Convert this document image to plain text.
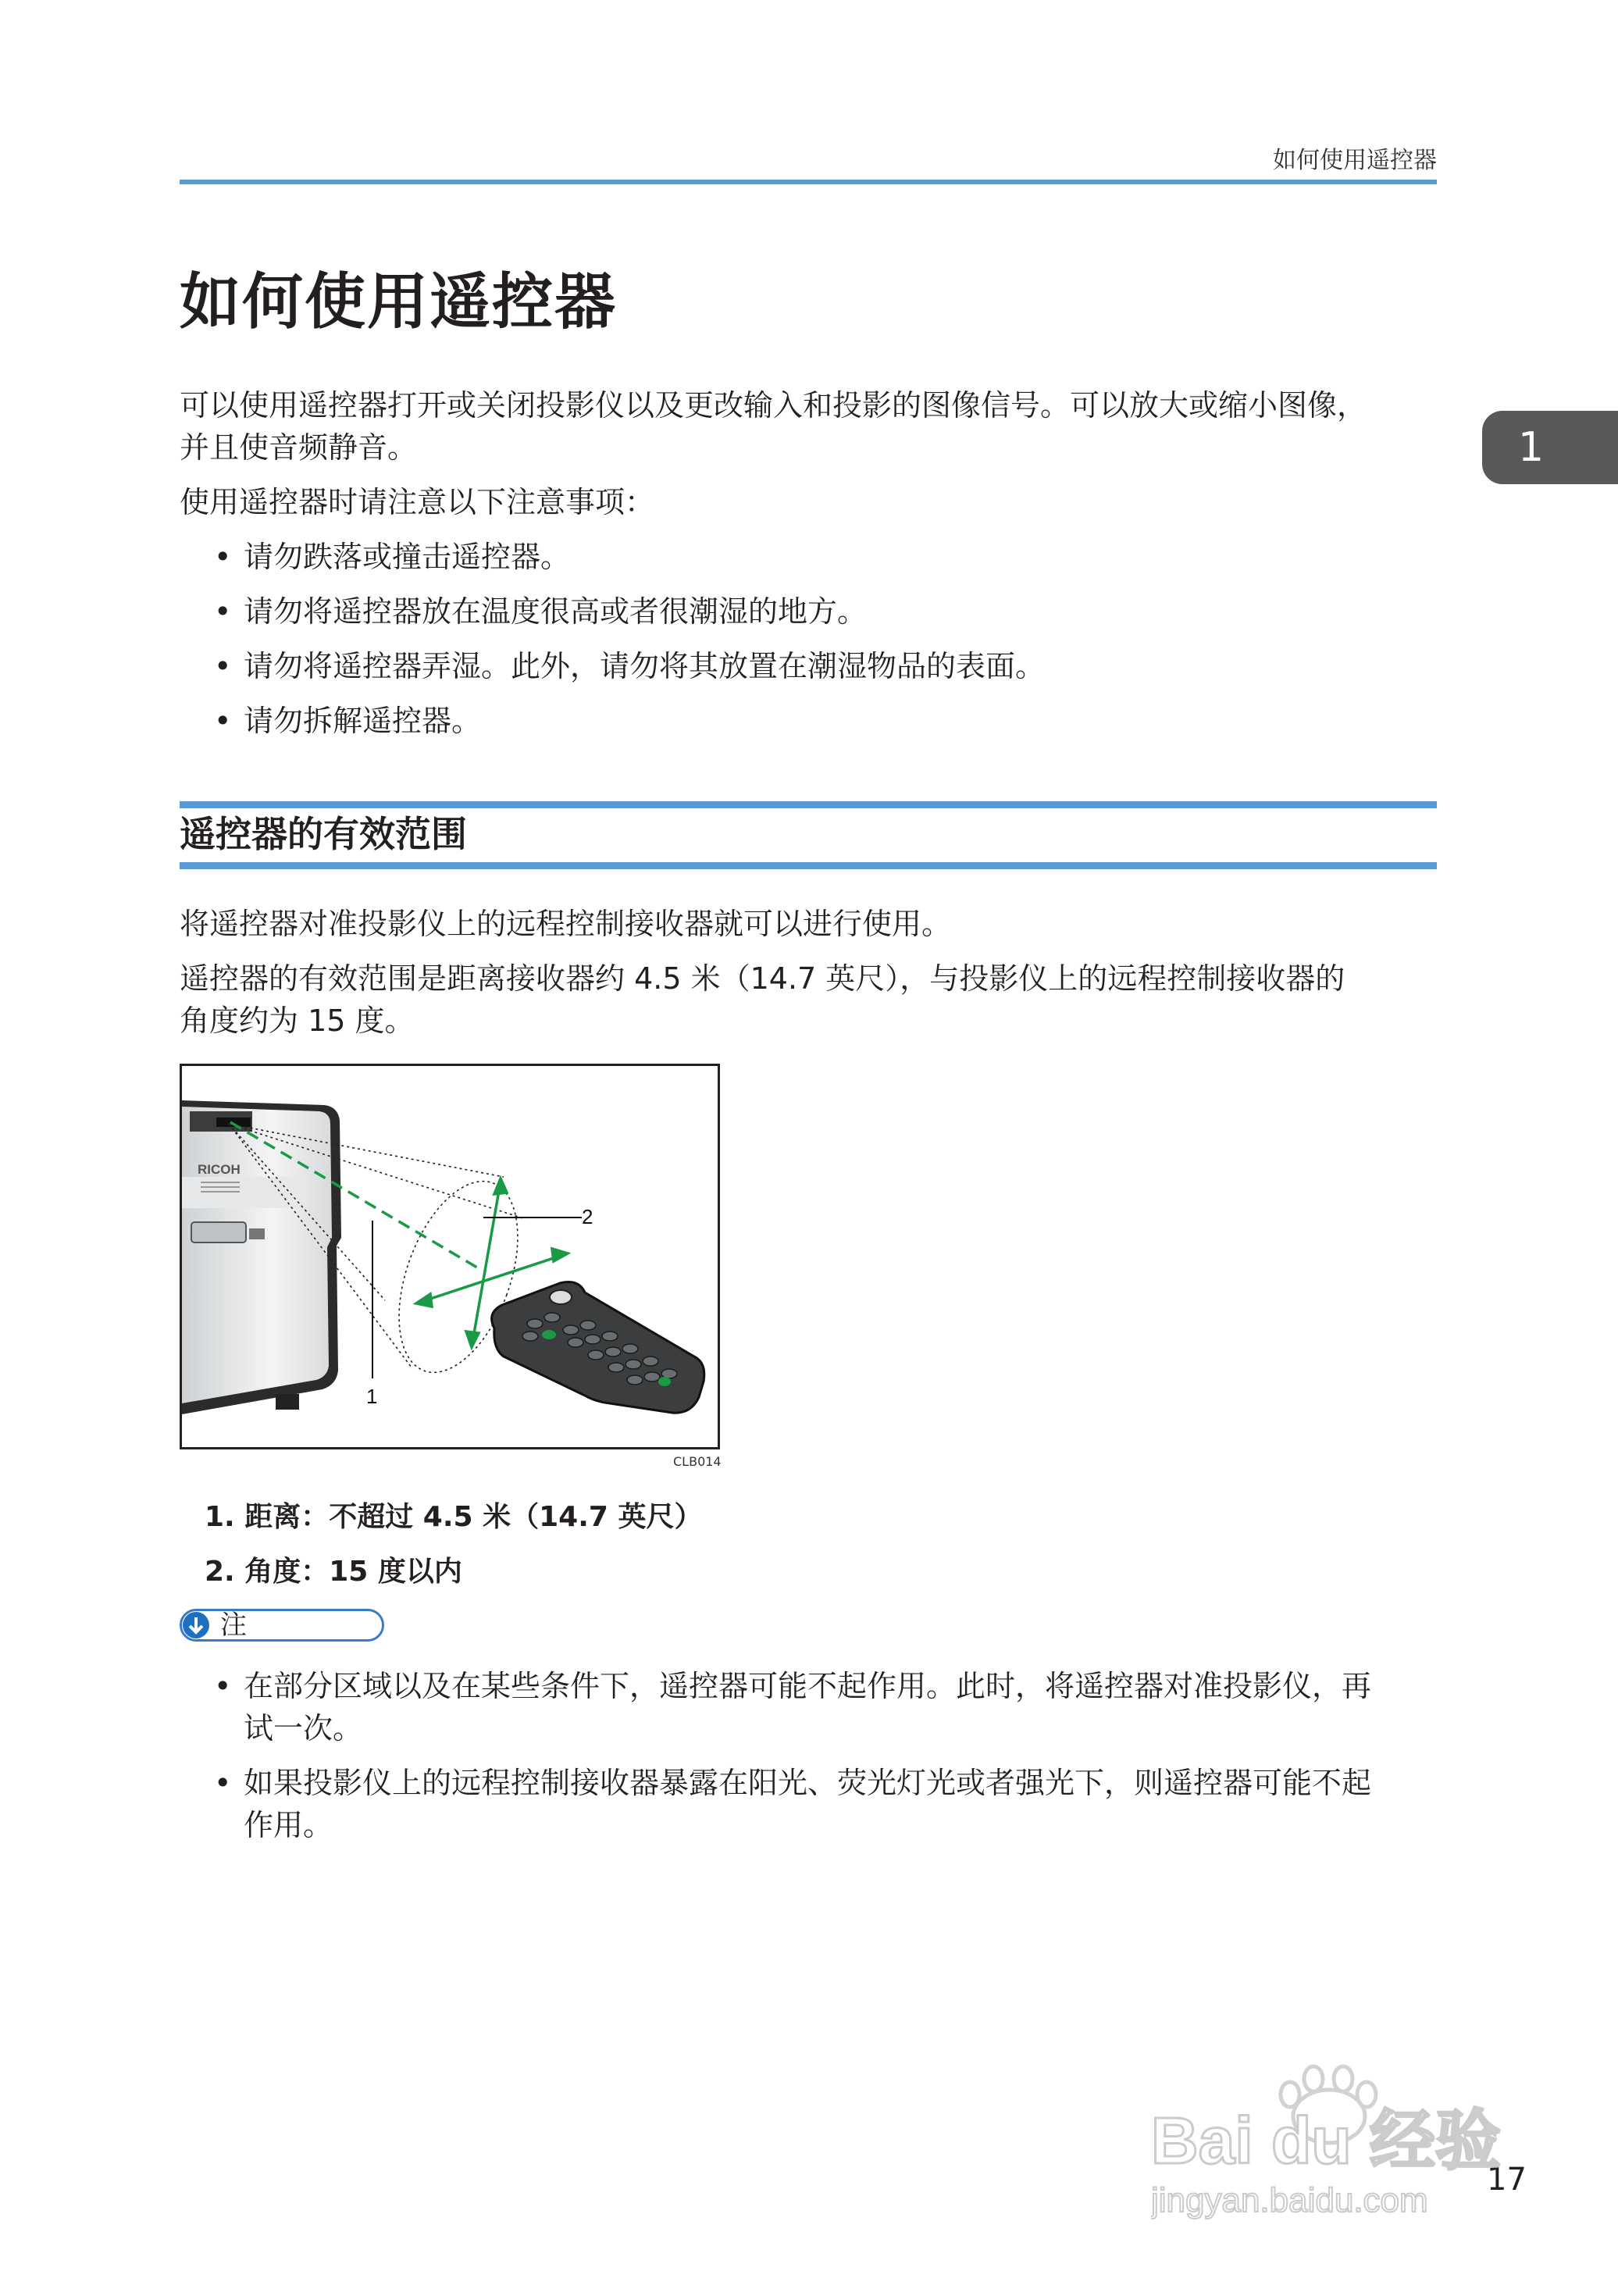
如何使用遥控器
如何使用遥控器
1

可以使用遥控器打开或关闭投影仪以及更改输入和投影的图像信号。可以放大或缩小图像，

并且使音频静音。

使用遥控器时请注意以下注意事项：

• 请勿跌落或撞击遥控器。
• 请勿将遥控器放在温度很高或者很潮湿的地方。
• 请勿将遥控器弄湿。此外，请勿将其放置在潮湿物品的表面。
• 请勿拆解遥控器。
遥控器的有效范围

将遥控器对准投影仪上的远程控制接收器就可以进行使用。

遥控器的有效范围是距离接收器约 4.5 米（14.7 英尺），与投影仪上的远程控制接收器的

角度约为 15 度。

RICOH
2
1
CLB014
1. 距离：不超过 4.5 米（14.7 英尺）
2. 角度：15 度以内
注
• 在部分区域以及在某些条件下，遥控器可能不起作用。此时，将遥控器对准投影仪，再
试一次。
• 如果投影仪上的远程控制接收器暴露在阳光、荧光灯光或者强光下，则遥控器可能不起
作用。
17
Bai du 经验
jingyan.baidu.com
